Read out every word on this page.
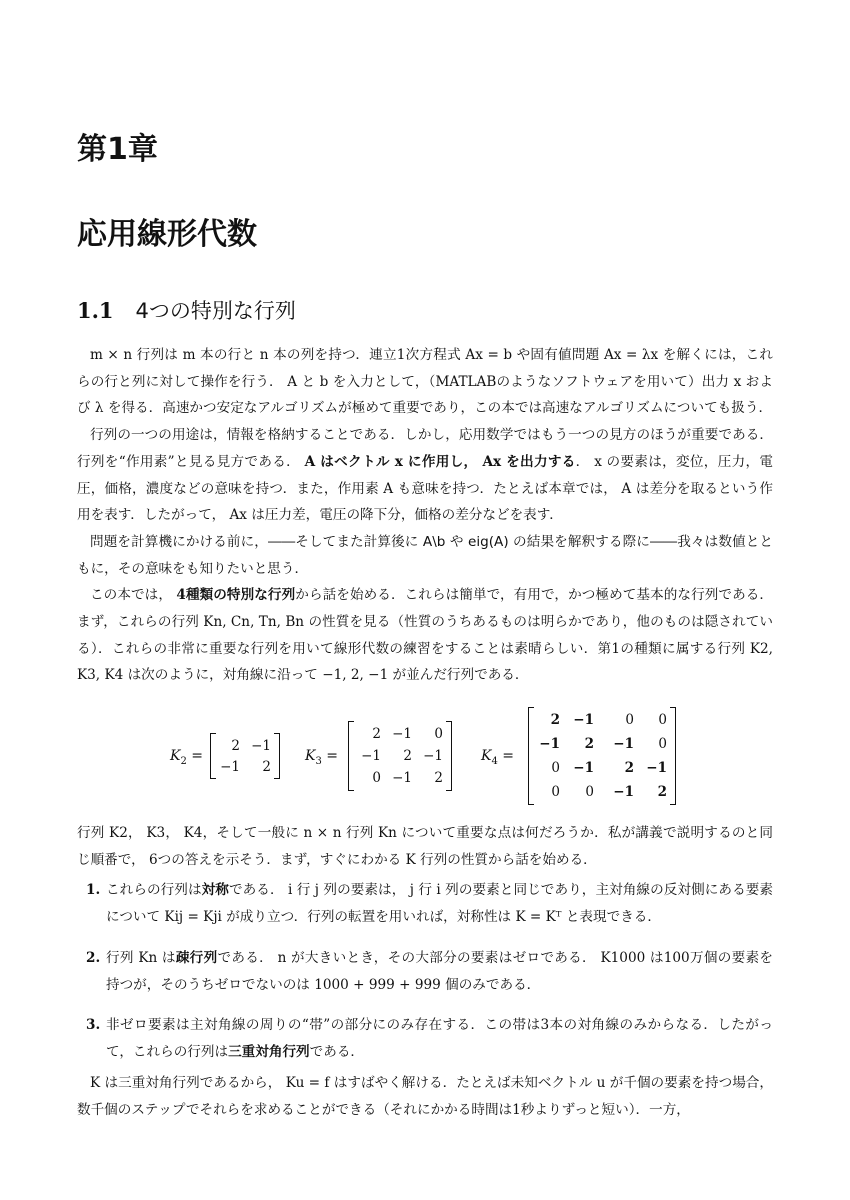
第1章
応用線形代数
1.1 4つの特別な行列

m × n 行列は m 本の行と n 本の列を持つ．連立1次方程式 Ax = b や固有値問題 Ax = λx を解くには，これらの行と列に対して操作を行う． A と b を入力として，（MATLABのようなソフトウェアを用いて）出力 x および λ を得る．高速かつ安定なアルゴリズムが極めて重要であり，この本では高速なアルゴリズムについても扱う．

行列の一つの用途は，情報を格納することである．しかし，応用数学ではもう一つの見方のほうが重要である．行列を“作用素”と見る見方である． A はベクトル x に作用し， Ax を出力する． x の要素は，変位，圧力，電圧，価格，濃度などの意味を持つ．また，作用素 A も意味を持つ．たとえば本章では， A は差分を取るという作用を表す．したがって， Ax は圧力差，電圧の降下分，価格の差分などを表す．

問題を計算機にかける前に，――そしてまた計算後に A\b や eig(A) の結果を解釈する際に――我々は数値とともに，その意味をも知りたいと思う．

この本では， 4種類の特別な行列から話を始める．これらは簡単で，有用で，かつ極めて基本的な行列である．まず，これらの行列 Kn, Cn, Tn, Bn の性質を見る（性質のうちあるものは明らかであり，他のものは隠されている）．これらの非常に重要な行列を用いて線形代数の練習をすることは素晴らしい．第1の種類に属する行列 K2, K3, K4 は次のように，対角線に沿って −1, 2, −1 が並んだ行列である．

$K_2$ =
2 −1
−1 2
$K_3$ =
2 −1 0
−1 2 −1
0 −1 2
$K_4$ =
2 −1 0 0
−1 2 −1 0
0 −1 2 −1
0 0 −1 2

行列 K2， K3， K4，そして一般に n × n 行列 Kn について重要な点は何だろうか．私が講義で説明するのと同じ順番で， 6つの答えを示そう．まず，すぐにわかる K 行列の性質から話を始める．

1. これらの行列は対称である． i 行 j 列の要素は， j 行 i 列の要素と同じであり，主対角線の反対側にある要素について Kij = Kji が成り立つ．行列の転置を用いれば，対称性は K = Kᵀ と表現できる．
2. 行列 Kn は疎行列である． n が大きいとき，その大部分の要素はゼロである． K1000 は100万個の要素を持つが，そのうちゼロでないのは 1000 + 999 + 999 個のみである．
3. 非ゼロ要素は主対角線の周りの“帯”の部分にのみ存在する．この帯は3本の対角線のみからなる．したがって，これらの行列は三重対角行列である．

K は三重対角行列であるから， Ku = f はすばやく解ける．たとえば未知ベクトル u が千個の要素を持つ場合，数千個のステップでそれらを求めることができる（それにかかる時間は1秒よりずっと短い）．一方，
